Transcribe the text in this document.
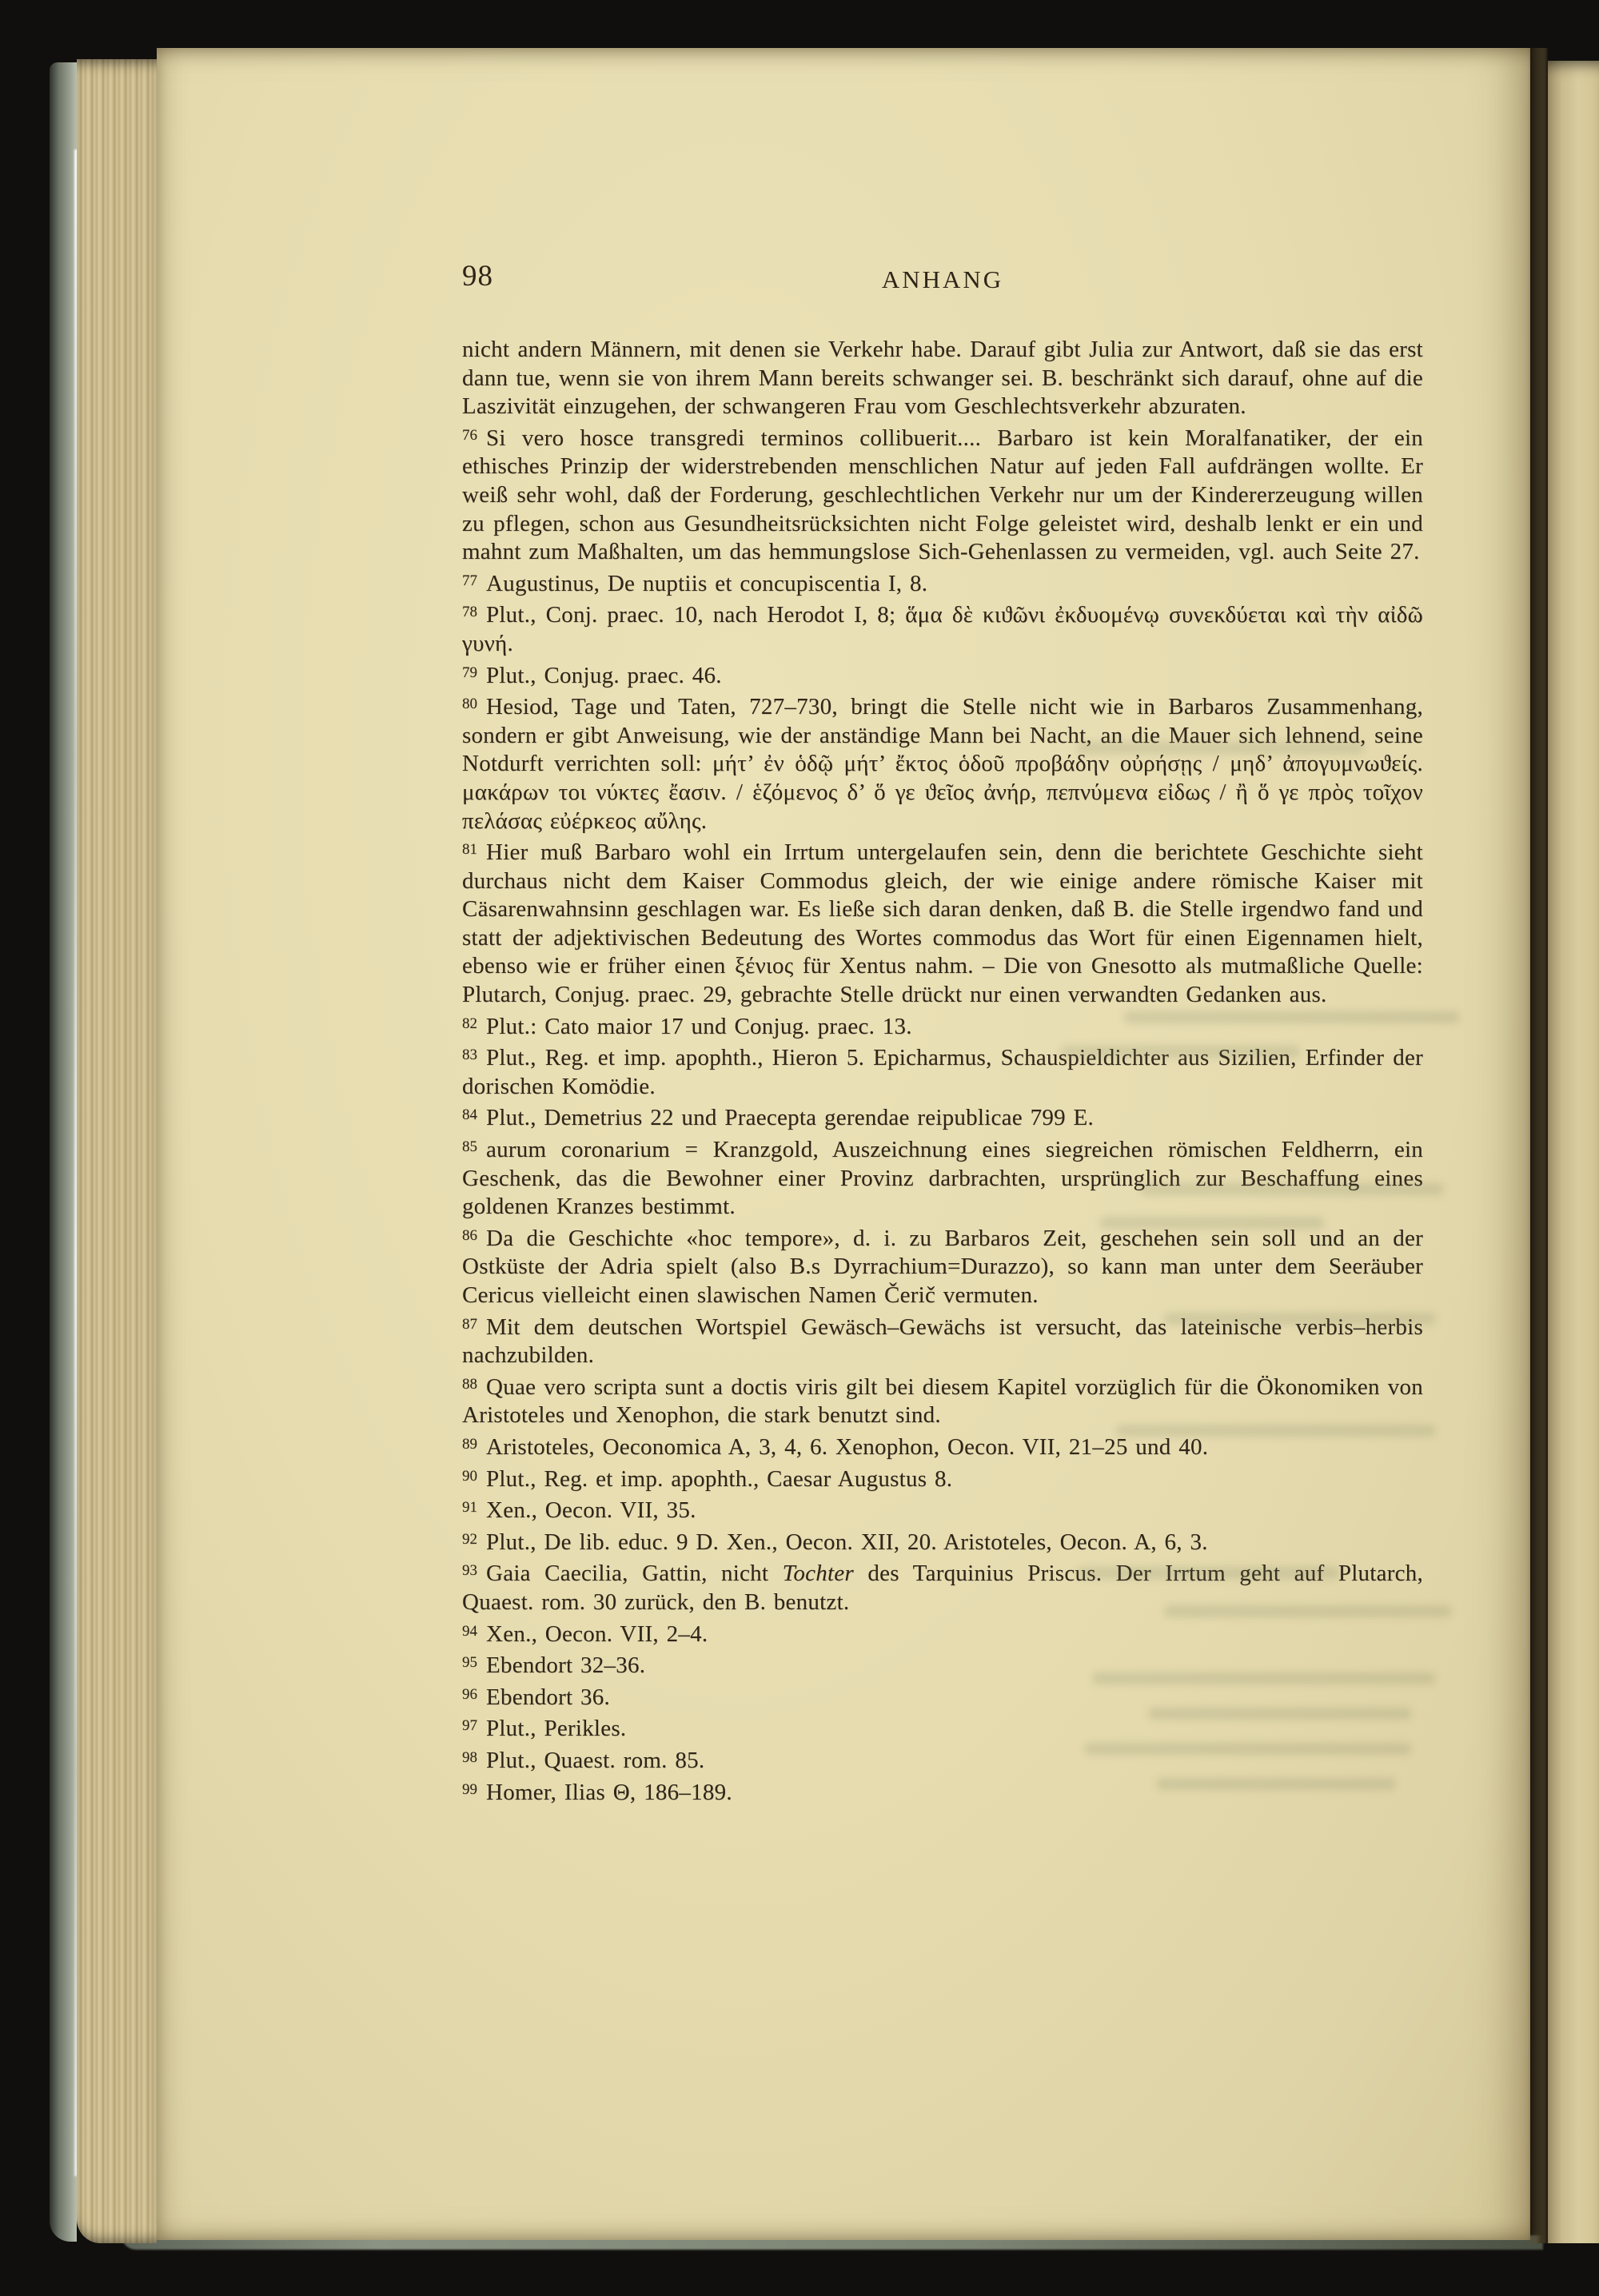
98	ANHANG

nicht andern Männern, mit denen sie Verkehr habe. Darauf gibt Julia zur Antwort, daß sie das erst dann tue, wenn sie von ihrem Mann bereits schwanger sei. B. beschränkt sich darauf, ohne auf die Laszivität einzugehen, der schwangeren Frau vom Geschlechtsverkehr abzuraten.

$^{76}$ Si vero hosce transgredi terminos collibuerit.... Barbaro ist kein Moralfanatiker, der ein ethisches Prinzip der widerstrebenden menschlichen Natur auf jeden Fall aufdrängen wollte. Er weiß sehr wohl, daß der Forderung, geschlechtlichen Verkehr nur um der Kindererzeugung willen zu pflegen, schon aus Gesundheitsrücksichten nicht Folge geleistet wird, deshalb lenkt er ein und mahnt zum Maßhalten, um das hemmungslose Sich-Gehenlassen zu vermeiden, vgl. auch Seite 27.

$^{77}$ Augustinus, De nuptiis et concupiscentia I, 8.

$^{78}$ Plut., Conj. praec. 10, nach Herodot I, 8; ἅμα δὲ κιϑῶνι ἐκδυομένῳ συνεκδύεται καὶ τὴν αἰδῶ γυνή.

$^{79}$ Plut., Conjug. praec. 46.

$^{80}$ Hesiod, Tage und Taten, 727–730, bringt die Stelle nicht wie in Barbaros Zusammenhang, sondern er gibt Anweisung, wie der anständige Mann bei Nacht, an die Mauer sich lehnend, seine Notdurft verrichten soll: μήτ’ ἐν ὁδῷ μήτ’ ἔκτος ὁδοῦ προβάδην οὐρήσῃς / μηδ’ ἀπογυμνωϑείς. μακάρων τοι νύκτες ἔασιν. / ἑζόμενος δ’ ὅ γε ϑεῖος ἀνήρ, πεπνύμενα εἰδως / ἢ ὅ γε πρὸς τοῖχον πελάσας εὐέρκεος αὔλης.

$^{81}$ Hier muß Barbaro wohl ein Irrtum untergelaufen sein, denn die berichtete Geschichte sieht durchaus nicht dem Kaiser Commodus gleich, der wie einige andere römische Kaiser mit Cäsarenwahnsinn geschlagen war. Es ließe sich daran denken, daß B. die Stelle irgendwo fand und statt der adjektivischen Bedeutung des Wortes commodus das Wort für einen Eigennamen hielt, ebenso wie er früher einen ξένιος für Xentus nahm. – Die von Gnesotto als mutmaßliche Quelle: Plutarch, Conjug. praec. 29, gebrachte Stelle drückt nur einen verwandten Gedanken aus.

$^{82}$ Plut.: Cato maior 17 und Conjug. praec. 13.

$^{83}$ Plut., Reg. et imp. apophth., Hieron 5. Epicharmus, Schauspieldichter aus Sizilien, Erfinder der dorischen Komödie.

$^{84}$ Plut., Demetrius 22 und Praecepta gerendae reipublicae 799 E.

$^{85}$ aurum coronarium = Kranzgold, Auszeichnung eines siegreichen römischen Feldherrn, ein Geschenk, das die Bewohner einer Provinz darbrachten, ursprünglich zur Beschaffung eines goldenen Kranzes bestimmt.

$^{86}$ Da die Geschichte «hoc tempore», d. i. zu Barbaros Zeit, geschehen sein soll und an der Ostküste der Adria spielt (also B.s Dyrrachium=Durazzo), so kann man unter dem Seeräuber Cericus vielleicht einen slawischen Namen Čerič vermuten.

$^{87}$ Mit dem deutschen Wortspiel Gewäsch–Gewächs ist versucht, das lateinische verbis–herbis nachzubilden.

$^{88}$ Quae vero scripta sunt a doctis viris gilt bei diesem Kapitel vorzüglich für die Ökonomiken von Aristoteles und Xenophon, die stark benutzt sind.

$^{89}$ Aristoteles, Oeconomica A, 3, 4, 6. Xenophon, Oecon. VII, 21–25 und 40.

$^{90}$ Plut., Reg. et imp. apophth., Caesar Augustus 8.

$^{91}$ Xen., Oecon. VII, 35.

$^{92}$ Plut., De lib. educ. 9 D. Xen., Oecon. XII, 20. Aristoteles, Oecon. A, 6, 3.

$^{93}$ Gaia Caecilia, Gattin, nicht Tochter des Tarquinius Priscus. Der Irrtum geht auf Plutarch, Quaest. rom. 30 zurück, den B. benutzt.

$^{94}$ Xen., Oecon. VII, 2–4.

$^{95}$ Ebendort 32–36.

$^{96}$ Ebendort 36.

$^{97}$ Plut., Perikles.

$^{98}$ Plut., Quaest. rom. 85.

$^{99}$ Homer, Ilias Θ, 186–189.
